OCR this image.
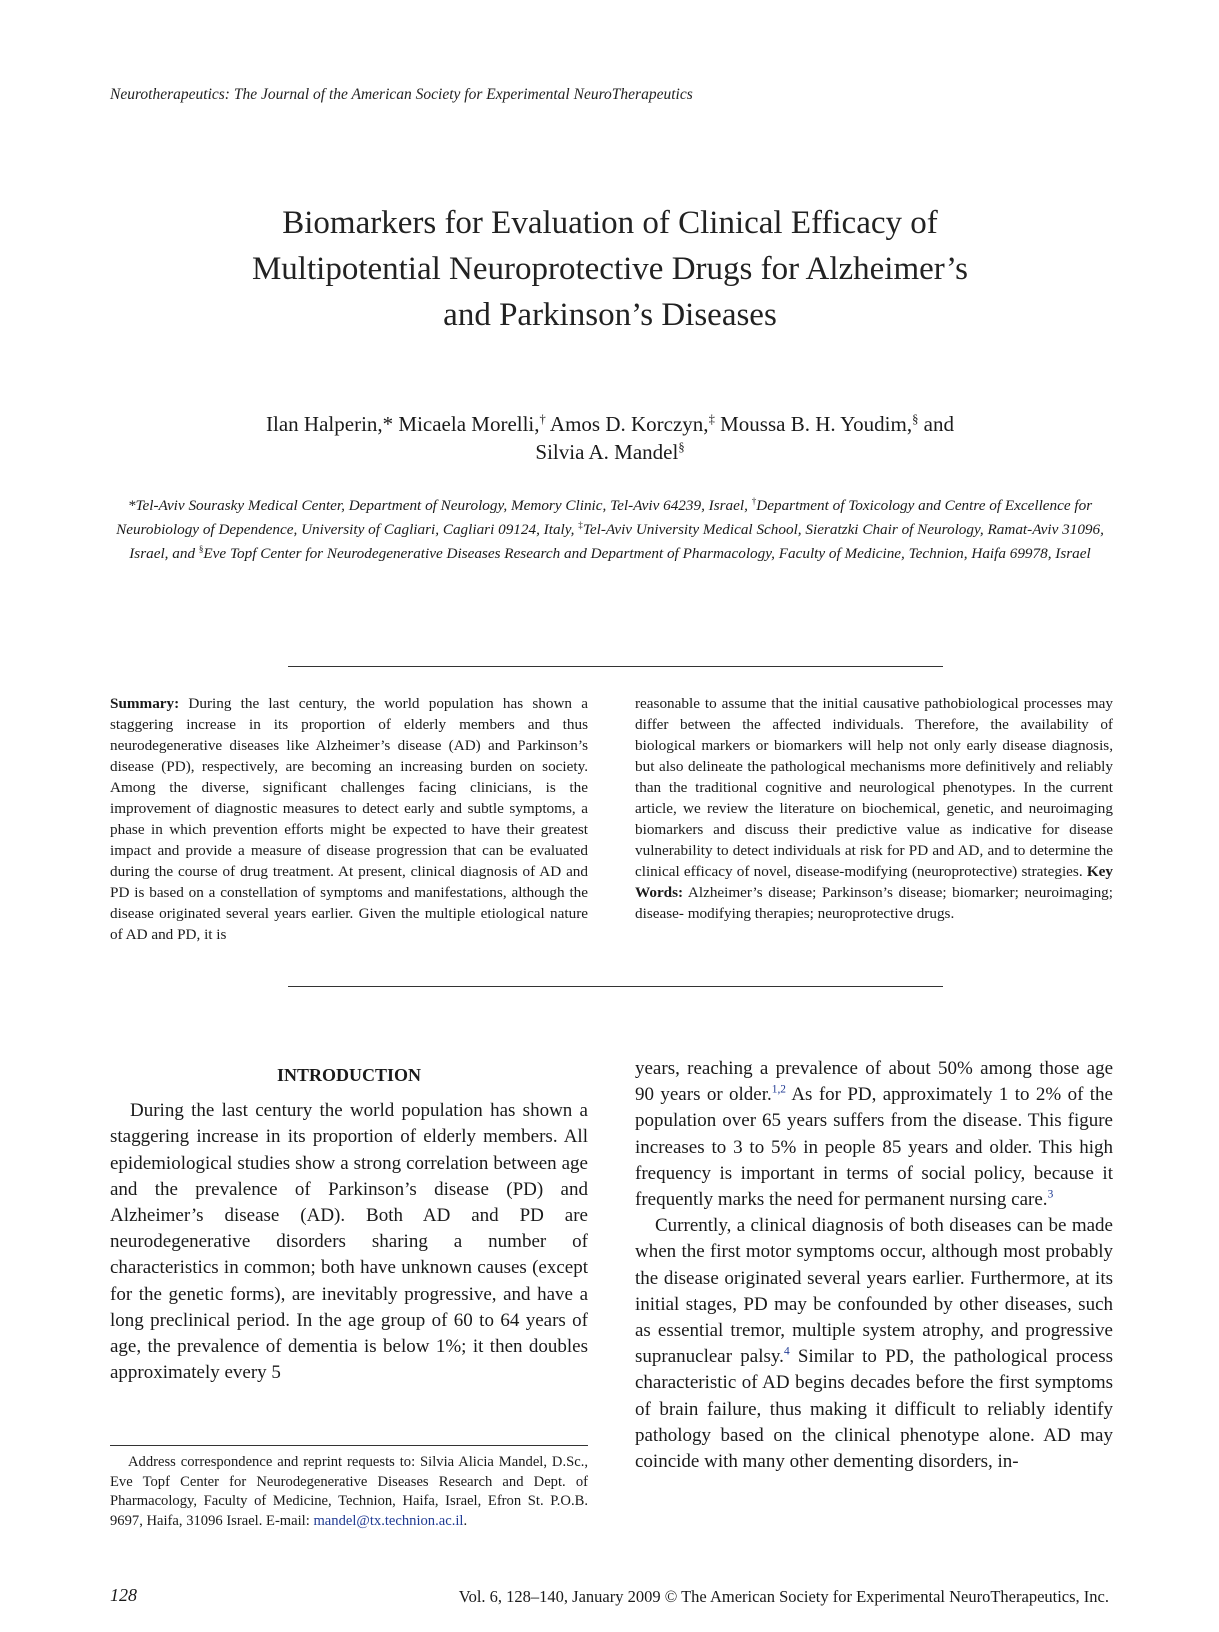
Neurotherapeutics: The Journal of the American Society for Experimental NeuroTherapeutics
Biomarkers for Evaluation of Clinical Efficacy of
Multipotential Neuroprotective Drugs for Alzheimer’s
and Parkinson’s Diseases
Ilan Halperin,* Micaela Morelli,† Amos D. Korczyn,‡ Moussa B. H. Youdim,§ and
Silvia A. Mandel§
*Tel-Aviv Sourasky Medical Center, Department of Neurology, Memory Clinic, Tel-Aviv 64239, Israel, †Department of Toxicology and Centre of Excellence for Neurobiology of Dependence, University of Cagliari, Cagliari 09124, Italy, ‡Tel-Aviv University Medical School, Sieratzki Chair of Neurology, Ramat-Aviv 31096, Israel, and §Eve Topf Center for Neurodegenerative Diseases Research and Department of Pharmacology, Faculty of Medicine, Technion, Haifa 69978, Israel

Summary: During the last century, the world population has shown a staggering increase in its proportion of elderly members and thus neurodegenerative diseases like Alzheimer’s disease (AD) and Parkinson’s disease (PD), respectively, are becoming an increasing burden on society. Among the diverse, significant challenges facing clinicians, is the improvement of diagnostic measures to detect early and subtle symptoms, a phase in which prevention efforts might be expected to have their greatest impact and provide a measure of disease progression that can be evaluated during the course of drug treatment. At present, clinical diagnosis of AD and PD is based on a constellation of symptoms and manifestations, although the disease originated several years earlier. Given the multiple etiological nature of AD and PD, it is

reasonable to assume that the initial causative pathobiological processes may differ between the affected individuals. Therefore, the availability of biological markers or biomarkers will help not only early disease diagnosis, but also delineate the pathological mechanisms more definitively and reliably than the traditional cognitive and neurological phenotypes. In the current article, we review the literature on biochemical, genetic, and neuroimaging biomarkers and discuss their predictive value as indicative for disease vulnerability to detect individuals at risk for PD and AD, and to determine the clinical efficacy of novel, disease-modifying (neuroprotective) strategies. Key Words: Alzheimer’s disease; Parkinson’s disease; biomarker; neuroimaging; disease- modifying therapies; neuroprotective drugs.

INTRODUCTION

During the last century the world population has shown a staggering increase in its proportion of elderly members. All epidemiological studies show a strong correlation between age and the prevalence of Parkinson’s disease (PD) and Alzheimer’s disease (AD). Both AD and PD are neurodegenerative disorders sharing a number of characteristics in common; both have unknown causes (except for the genetic forms), are inevitably progressive, and have a long preclinical period. In the age group of 60 to 64 years of age, the prevalence of dementia is below 1%; it then doubles approximately every 5

years, reaching a prevalence of about 50% among those age 90 years or older.$^{1,2}$ As for PD, approximately 1 to 2% of the population over 65 years suffers from the disease. This figure increases to 3 to 5% in people 85 years and older. This high frequency is important in terms of social policy, because it frequently marks the need for permanent nursing care.$^3$

Currently, a clinical diagnosis of both diseases can be made when the first motor symptoms occur, although most probably the disease originated several years earlier. Furthermore, at its initial stages, PD may be confounded by other diseases, such as essential tremor, multiple system atrophy, and progressive supranuclear palsy.$^4$ Similar to PD, the pathological process characteristic of AD begins decades before the first symptoms of brain failure, thus making it difficult to reliably identify pathology based on the clinical phenotype alone. AD may coincide with many other dementing disorders, in-

Address correspondence and reprint requests to: Silvia Alicia Mandel, D.Sc., Eve Topf Center for Neurodegenerative Diseases Research and Dept. of Pharmacology, Faculty of Medicine, Technion, Haifa, Israel, Efron St. P.O.B. 9697, Haifa, 31096 Israel. E-mail: mandel@tx.technion.ac.il.

128	Vol. 6, 128–140, January 2009 © The American Society for Experimental NeuroTherapeutics, Inc.
